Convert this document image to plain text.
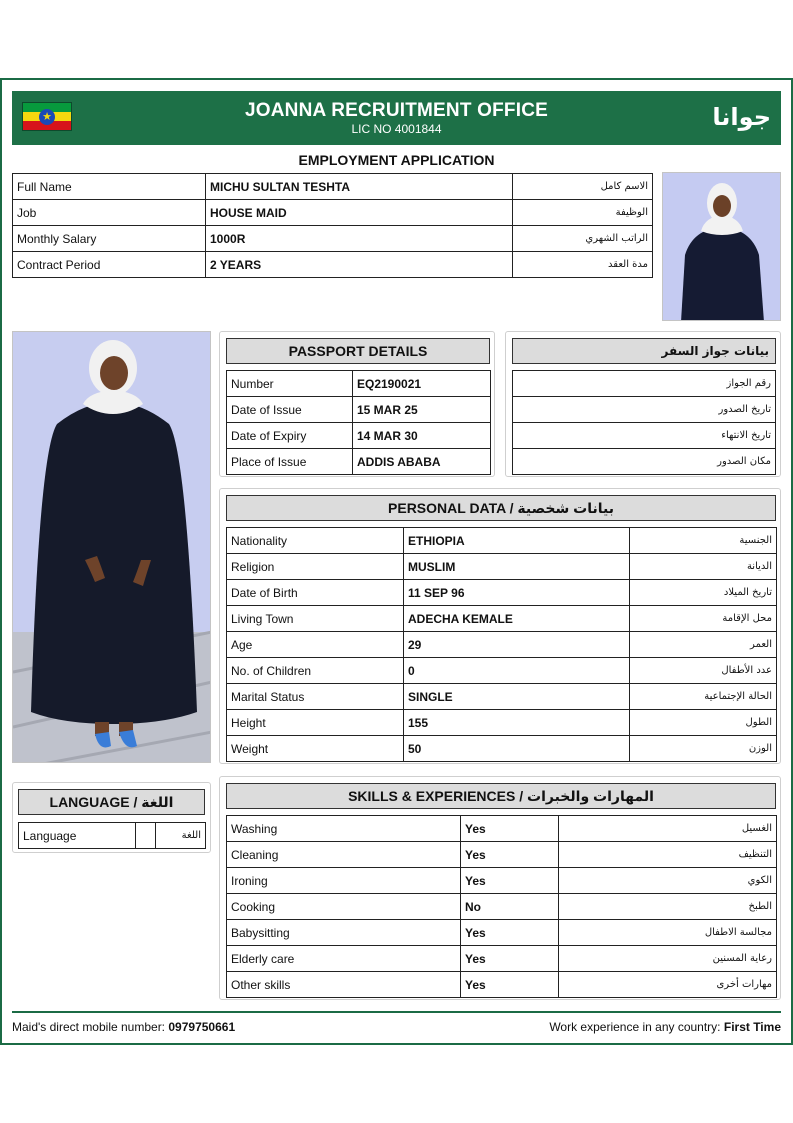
★	JOANNA RECRUITMENT OFFICE
LIC NO 4001844	جوانا
EMPLOYMENT APPLICATION
Full Name	MICHU SULTAN TESHTA	الاسم كامل
Job	HOUSE MAID	الوظيفة
Monthly Salary	1000R	الراتب الشهري
Contract Period	2 YEARS	مدة العقد
PASSPORT DETAILS
Number	EQ2190021
Date of Issue	15 MAR 25
Date of Expiry	14 MAR 30
Place of Issue	ADDIS ABABA
بيانات جواز السفر
رقم الجواز
تاريخ الصدور
تاريخ الانتهاء
مكان الصدور
PERSONAL DATA / بيانات شخصية
Nationality	ETHIOPIA	الجنسية
Religion	MUSLIM	الديانة
Date of Birth	11 SEP 96	تاريخ الميلاد
Living Town	ADECHA KEMALE	محل الإقامة
Age	29	العمر
No. of Children	0	عدد الأطفال
Marital Status	SINGLE	الحالة الإجتماعية
Height	155	الطول
Weight	50	الوزن
LANGUAGE / اللغة
Language		اللغة
SKILLS & EXPERIENCES / المهارات والخبرات
Washing	Yes	الغسيل
Cleaning	Yes	التنظيف
Ironing	Yes	الكوي
Cooking	No	الطبخ
Babysitting	Yes	مجالسة الاطفال
Elderly care	Yes	رعاية المسنين
Other skills	Yes	مهارات أخرى
Maid's direct mobile number: 0979750661	Work experience in any country: First Time
